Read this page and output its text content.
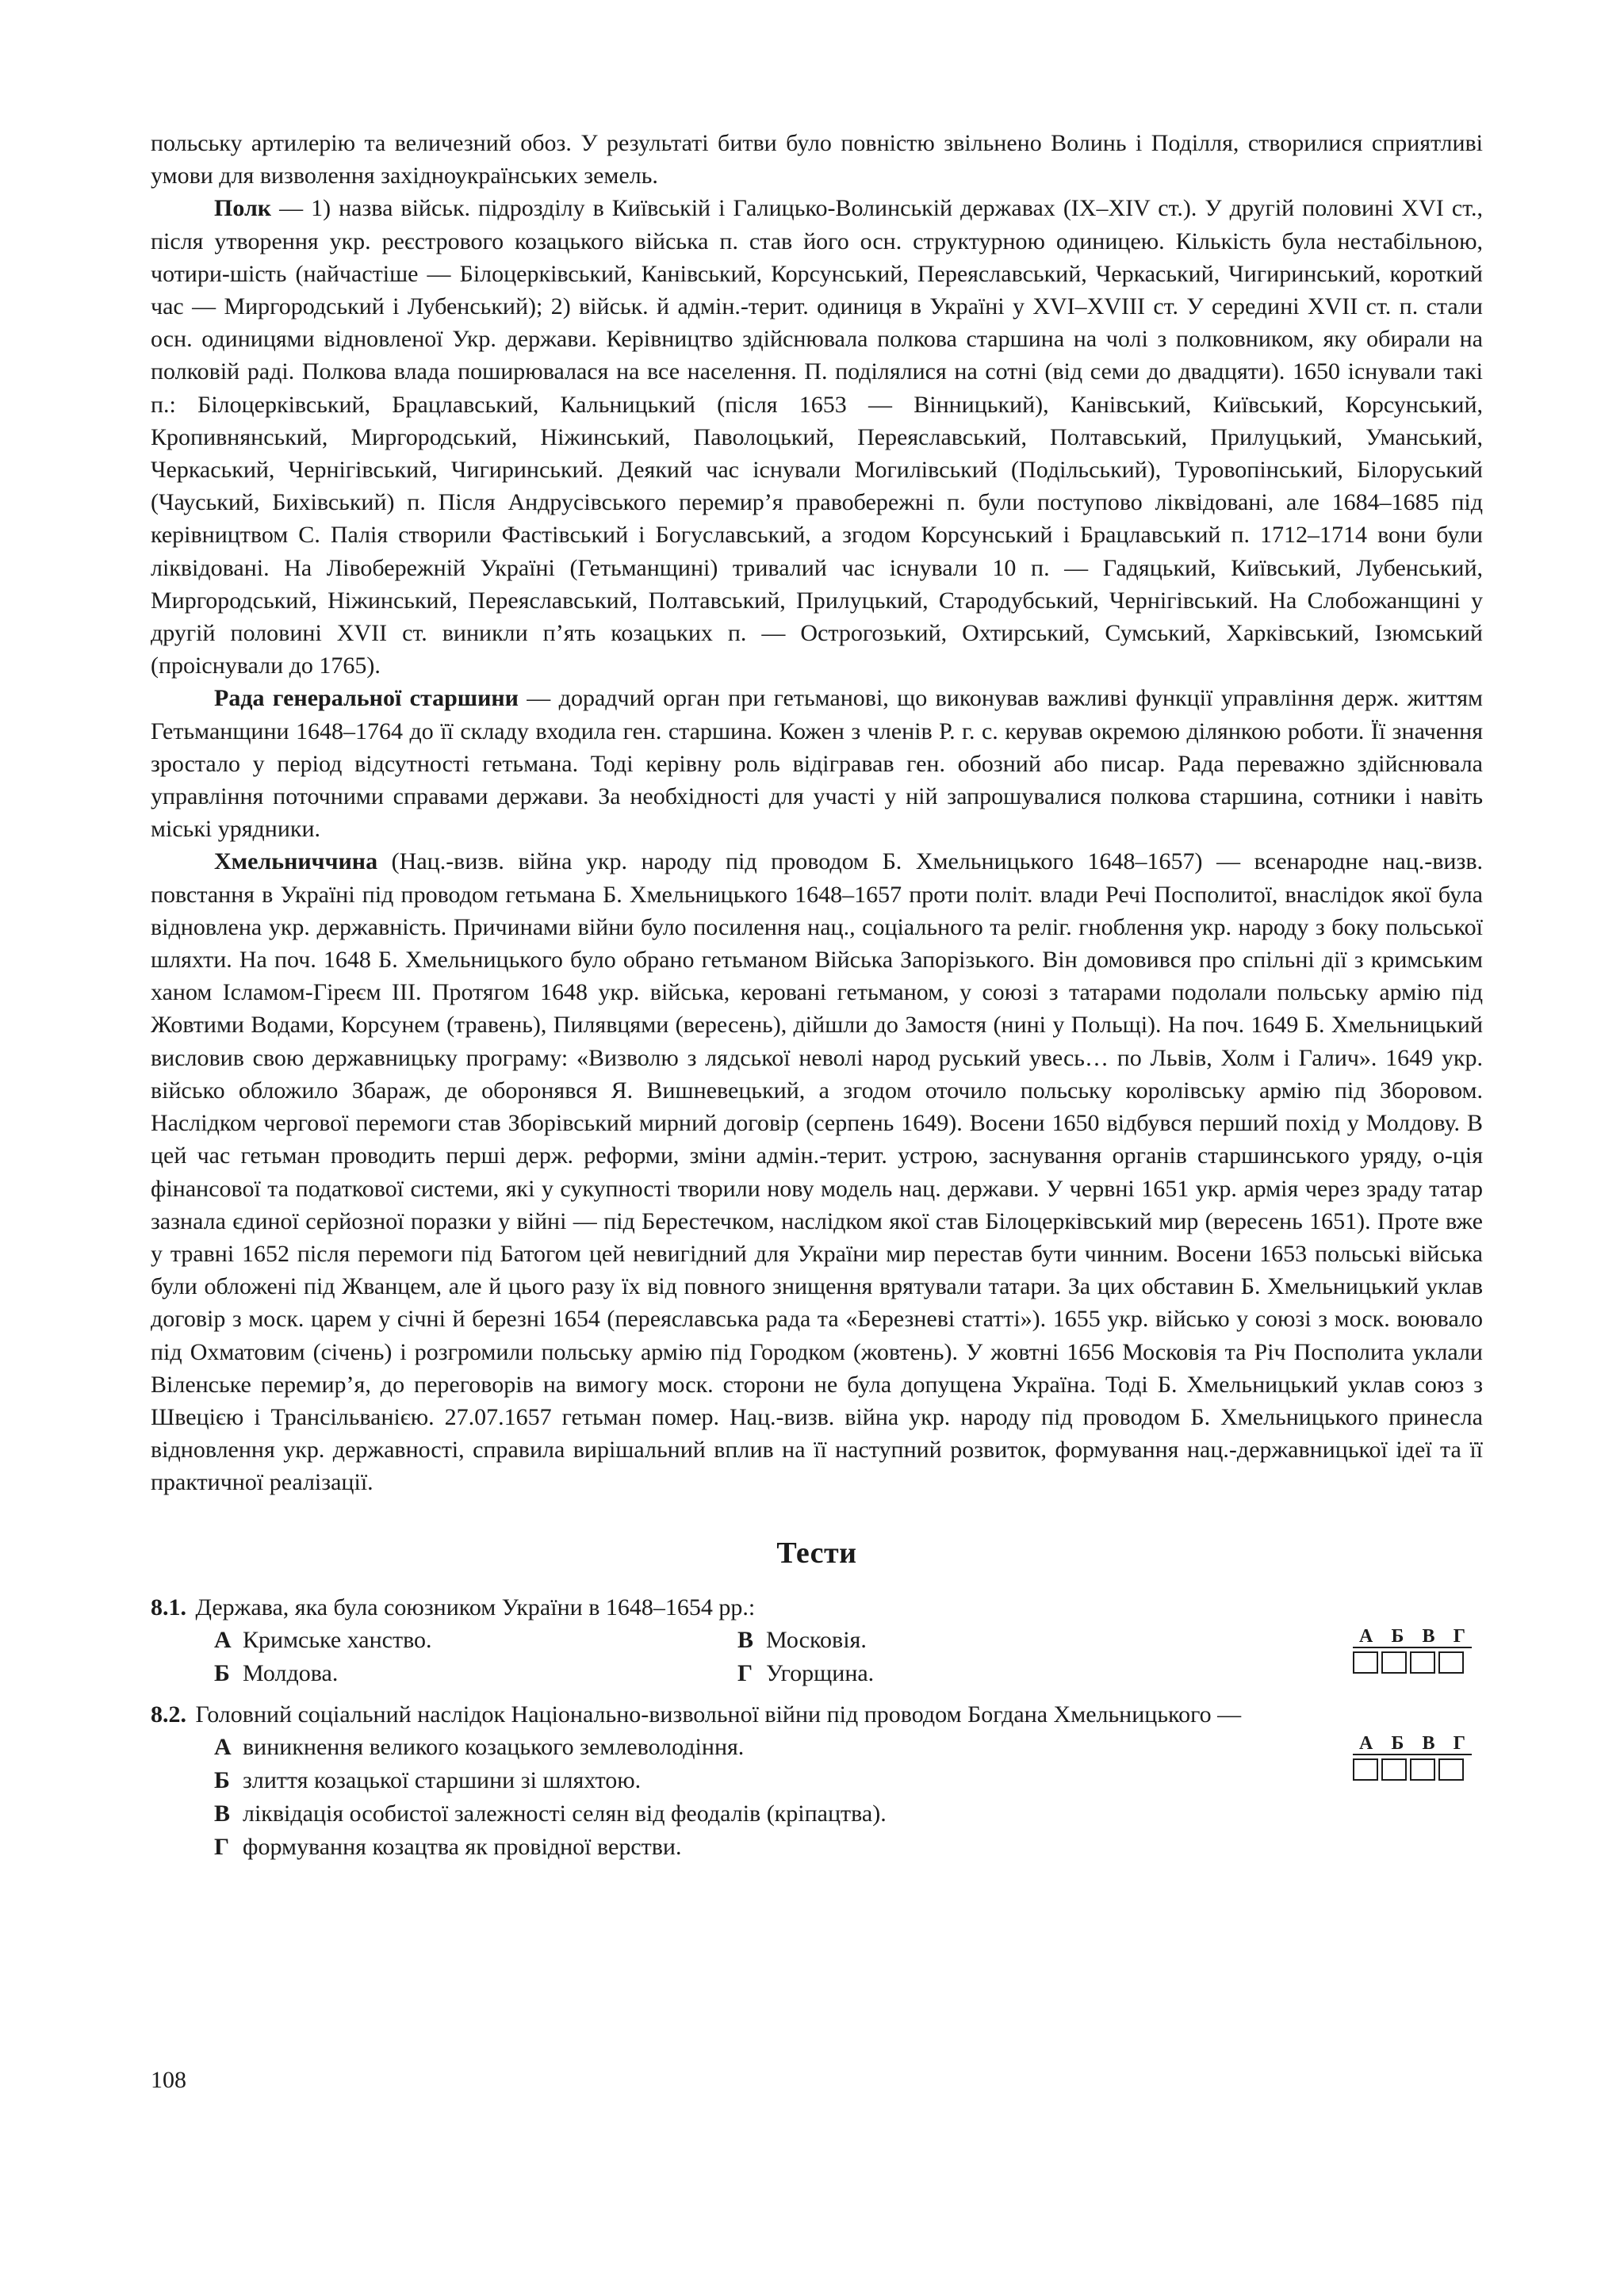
польську артилерію та величезний обоз. У результаті битви було повністю звільнено Волинь і Поділля, створилися сприятливі умови для визволення західноукраїнських земель.

Полк — 1) назва військ. підрозділу в Київській і Галицько-Волинській державах (IX–XIV ст.). У другій половині XVI ст., після утворення укр. реєстрового козацького війська п. став його осн. структурною одиницею. Кількість була нестабільною, чотири-шість (найчастіше — Білоцерківський, Канівський, Корсунський, Переяславський, Черкаський, Чигиринський, короткий час — Миргородський і Лубенський); 2) військ. й адмін.-терит. одиниця в Україні у XVI–XVIII ст. У середині XVII ст. п. стали осн. одиницями відновленої Укр. держави. Керівництво здійснювала полкова старшина на чолі з полковником, яку обирали на полковій раді. Полкова влада поширювалася на все населення. П. поділялися на сотні (від семи до двадцяти). 1650 існували такі п.: Білоцерківський, Брацлавський, Кальницький (після 1653 — Вінницький), Канівський, Київський, Корсунський, Кропивнянський, Миргородський, Ніжинський, Паволоцький, Переяславський, Полтавський, Прилуцький, Уманський, Черкаський, Чернігівський, Чигиринський. Деякий час існували Могилівський (Подільський), Туровопінський, Білоруський (Чауський, Бихівський) п. Після Андрусівського перемир’я правобережні п. були поступово ліквідовані, але 1684–1685 під керівництвом С. Палія створили Фастівський і Богуславський, а згодом Корсунський і Брацлавський п. 1712–1714 вони були ліквідовані. На Лівобережній Україні (Гетьманщині) тривалий час існували 10 п. — Гадяцький, Київський, Лубенський, Миргородський, Ніжинський, Переяславський, Полтавський, Прилуцький, Стародубський, Чернігівський. На Слобожанщині у другій половині XVII ст. виникли п’ять козацьких п. — Острогозький, Охтирський, Сумський, Харківський, Ізюмський (проіснували до 1765).

Рада генеральної старшини — дорадчий орган при гетьманові, що виконував важливі функції управління держ. життям Гетьманщини 1648–1764 до її складу входила ген. старшина. Кожен з членів Р. г. с. керував окремою ділянкою роботи. Її значення зростало у період відсутності гетьмана. Тоді керівну роль відігравав ген. обозний або писар. Рада переважно здійснювала управління поточними справами держави. За необхідності для участі у ній запрошувалися полкова старшина, сотники і навіть міські урядники.

Хмельниччина (Нац.-визв. війна укр. народу під проводом Б. Хмельницького 1648–1657) — всенародне нац.-визв. повстання в Україні під проводом гетьмана Б. Хмельницького 1648–1657 проти політ. влади Речі Посполитої, внаслідок якої була відновлена укр. державність. Причинами війни було посилення нац., соціального та реліг. гноблення укр. народу з боку польської шляхти. На поч. 1648 Б. Хмельницького було обрано гетьманом Війська Запорізького. Він домовився про спільні дії з кримським ханом Ісламом-Гіреєм III. Протягом 1648 укр. війська, керовані гетьманом, у союзі з татарами подолали польську армію під Жовтими Водами, Корсунем (травень), Пилявцями (вересень), дійшли до Замостя (нині у Польщі). На поч. 1649 Б. Хмельницький висловив свою державницьку програму: «Визволю з лядської неволі народ руський увесь… по Львів, Холм і Галич». 1649 укр. військо обложило Збараж, де оборонявся Я. Вишневецький, а згодом оточило польську королівську армію під Зборовом. Наслідком чергової перемоги став Зборівський мирний договір (серпень 1649). Восени 1650 відбувся перший похід у Молдову. В цей час гетьман проводить перші держ. реформи, зміни адмін.-терит. устрою, заснування органів старшинського уряду, о-ція фінансової та податкової системи, які у сукупності творили нову модель нац. держави. У червні 1651 укр. армія через зраду татар зазнала єдиної серйозної поразки у війні — під Берестечком, наслідком якої став Білоцерківський мир (вересень 1651). Проте вже у травні 1652 після перемоги під Батогом цей невигідний для України мир перестав бути чинним. Восени 1653 польські війська були обложені під Жванцем, але й цього разу їх від повного знищення врятували татари. За цих обставин Б. Хмельницький уклав договір з моск. царем у січні й березні 1654 (переяславська рада та «Березневі статті»). 1655 укр. військо у союзі з моск. воювало під Охматовим (січень) і розгромили польську армію під Городком (жовтень). У жовтні 1656 Московія та Річ Посполита уклали Віленське перемир’я, до переговорів на вимогу моск. сторони не була допущена Україна. Тоді Б. Хмельницький уклав союз з Швецією і Трансільванією. 27.07.1657 гетьман помер. Нац.-визв. війна укр. народу під проводом Б. Хмельницького принесла відновлення укр. державності, справила вирішальний вплив на її наступний розвиток, формування нац.-державницької ідеї та її практичної реалізації.

Тести

8.1. Держава, яка була союзником України в 1648–1654 рр.:

А Кримське ханство.	В Московія.
Б Молдова.	Г Угорщина.
А Б В Г

8.2. Головний соціальний наслідок Національно-визвольної війни під проводом Богдана Хмельницького —

А виникнення великого козацького землеволодіння.
Б злиття козацької старшини зі шляхтою.
В ліквідація особистої залежності селян від феодалів (кріпацтва).
Г формування козацтва як провідної верстви.
А Б В Г
108
